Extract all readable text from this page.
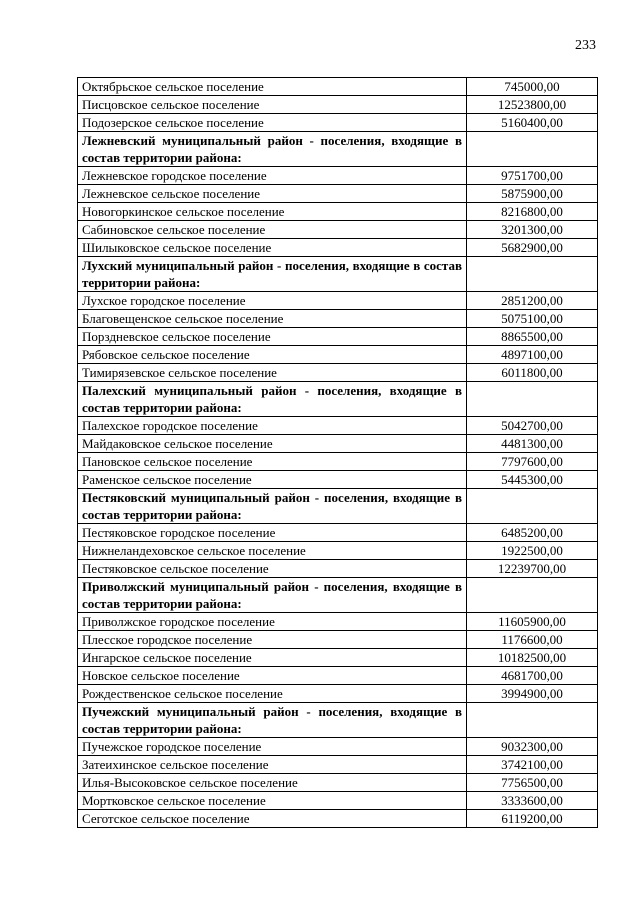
233
Октябрьское сельское поселение	745000,00
Писцовское сельское поселение	12523800,00
Подозерское сельское поселение	5160400,00
Лежневский муниципальный район - поселения, входящие в состав территории района:	
Лежневское городское поселение	9751700,00
Лежневское сельское поселение	5875900,00
Новогоркинское сельское поселение	8216800,00
Сабиновское сельское поселение	3201300,00
Шилыковское сельское поселение	5682900,00
Лухский муниципальный район - поселения, входящие в состав территории района:	
Лухское городское поселение	2851200,00
Благовещенское сельское поселение	5075100,00
Порздневское сельское поселение	8865500,00
Рябовское сельское поселение	4897100,00
Тимирязевское сельское поселение	6011800,00
Палехский муниципальный район - поселения, входящие в состав территории района:	
Палехское городское поселение	5042700,00
Майдаковское сельское поселение	4481300,00
Пановское сельское поселение	7797600,00
Раменское сельское поселение	5445300,00
Пестяковский муниципальный район - поселения, входящие в состав территории района:	
Пестяковское городское поселение	6485200,00
Нижнеландеховское сельское поселение	1922500,00
Пестяковское сельское поселение	12239700,00
Приволжский муниципальный район - поселения, входящие в состав территории района:	
Приволжское городское поселение	11605900,00
Плесское городское поселение	1176600,00
Ингарское сельское поселение	10182500,00
Новское сельское поселение	4681700,00
Рождественское сельское поселение	3994900,00
Пучежский муниципальный район - поселения, входящие в состав территории района:	
Пучежское городское поселение	9032300,00
Затеихинское сельское поселение	3742100,00
Илья-Высоковское сельское поселение	7756500,00
Мортковское сельское поселение	3333600,00
Сеготское сельское поселение	6119200,00
